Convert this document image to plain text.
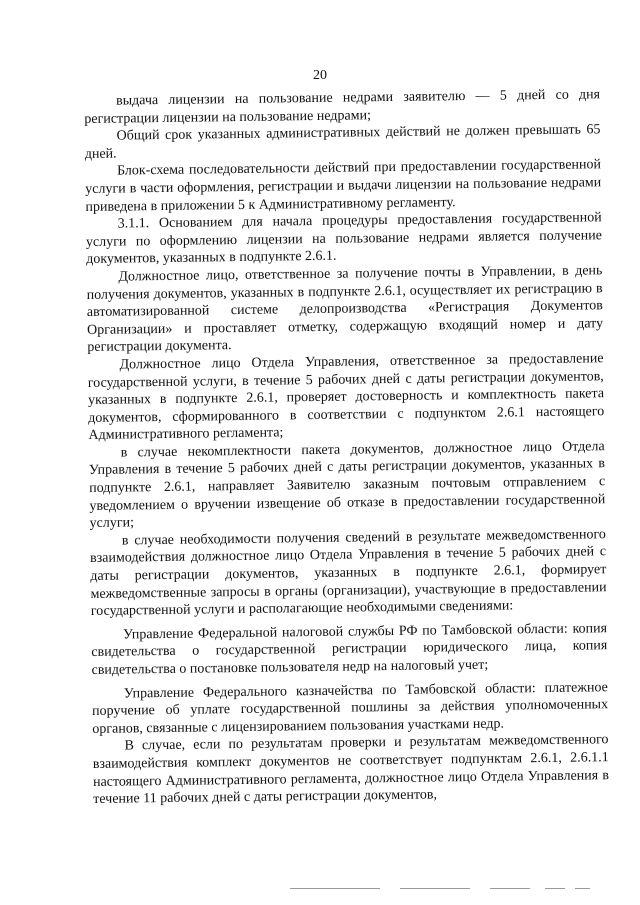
20

выдача лицензии на пользование недрами заявителю — 5 дней со дня регистрации лицензии на пользование недрами;

Общий срок указанных административных действий не должен превышать 65 дней.

Блок-схема последовательности действий при предоставлении государственной услуги в части оформления, регистрации и выдачи лицензии на пользование недрами приведена в приложении 5 к Административному регламенту.

3.1.1. Основанием для начала процедуры предоставления государственной услуги по оформлению лицензии на пользование недрами является получение документов, указанных в подпункте 2.6.1.

Должностное лицо, ответственное за получение почты в Управлении, в день получения документов, указанных в подпункте 2.6.1, осуществляет их регистрацию в автоматизированной системе делопроизводства «Регистрация Документов Организации» и проставляет отметку, содержащую входящий номер и дату регистрации документа.

Должностное лицо Отдела Управления, ответственное за предоставление государственной услуги, в течение 5 рабочих дней с даты регистрации документов, указанных в подпункте 2.6.1, проверяет достоверность и комплектность пакета документов, сформированного в соответствии с подпунктом 2.6.1 настоящего Административного регламента;

в случае некомплектности пакета документов, должностное лицо Отдела Управления в течение 5 рабочих дней с даты регистрации документов, указанных в подпункте 2.6.1, направляет Заявителю заказным почтовым отправлением с уведомлением о вручении извещение об отказе в предоставлении государственной услуги;

в случае необходимости получения сведений в результате межведомственного взаимодействия должностное лицо Отдела Управления в течение 5 рабочих дней с даты регистрации документов, указанных в подпункте 2.6.1, формирует межведомственные запросы в органы (организации), участвующие в предоставлении государственной услуги и располагающие необходимыми сведениями:

Управление Федеральной налоговой службы РФ по Тамбовской области: копия свидетельства о государственной регистрации юридического лица, копия свидетельства о постановке пользователя недр на налоговый учет;

Управление Федерального казначейства по Тамбовской области: платежное поручение об уплате государственной пошлины за действия уполномоченных органов, связанные с лицензированием пользования участками недр.

В случае, если по результатам проверки и результатам межведомственного взаимодействия комплект документов не соответствует подпунктам 2.6.1, 2.6.1.1 настоящего Административного регламента, должностное лицо Отдела Управления в течение 11 рабочих дней с даты регистрации документов,
